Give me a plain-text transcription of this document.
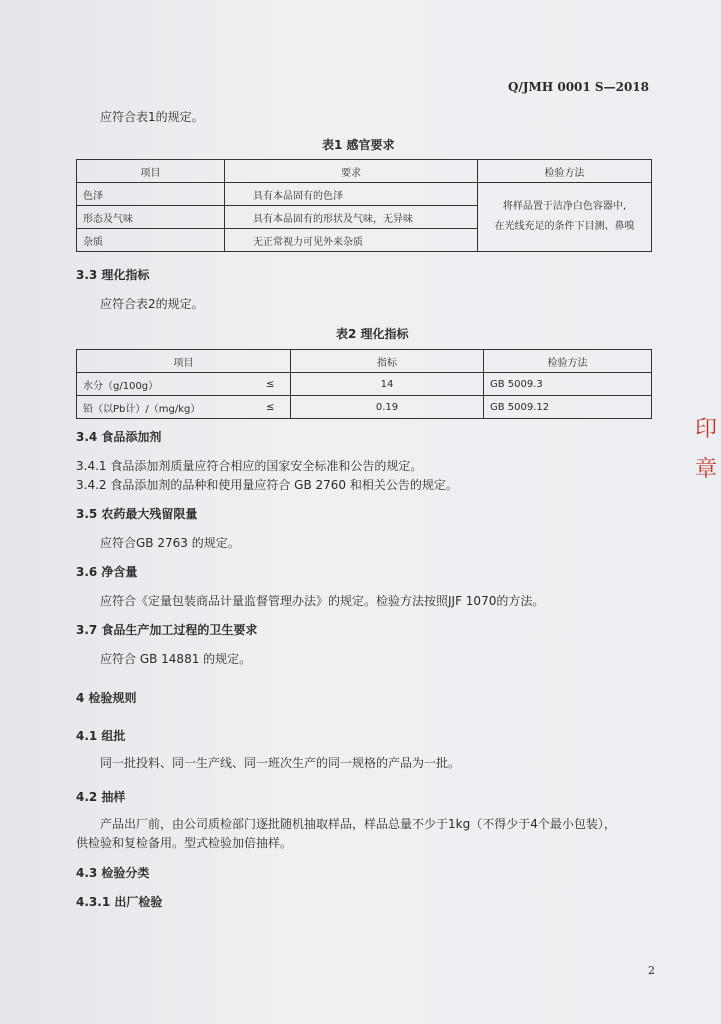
Q/JMH 0001 S—2018
应符合表1的规定。
表1 感官要求
项目	要求	检验方法
色泽	具有本品固有的色泽	将样品置于洁净白色容器中,
在光线充足的条件下目测、鼻嗅

形态及气味	具有本品固有的形状及气味，无异味	
杂质	无正常视力可见外来杂质	
3.3 理化指标
应符合表2的规定。
表2 理化指标
项目		指标	检验方法
水分（g/100g）	≤	14	GB 5009.3
铅（以Pb计）/（mg/kg）	≤	0.19	GB 5009.12
3.4 食品添加剂
3.4.1 食品添加剂质量应符合相应的国家安全标准和公告的规定。
3.4.2 食品添加剂的品种和使用量应符合 GB 2760 和相关公告的规定。
3.5 农药最大残留限量
应符合GB 2763 的规定。
3.6 净含量
应符合《定量包装商品计量监督管理办法》的规定。检验方法按照JJF 1070的方法。
3.7 食品生产加工过程的卫生要求
应符合 GB 14881 的规定。
4 检验规则
4.1 组批
同一批投料、同一生产线、同一班次生产的同一规格的产品为一批。
4.2 抽样
产品出厂前，由公司质检部门逐批随机抽取样品，样品总量不少于1kg（不得少于4个最小包装），
供检验和复检备用。型式检验加倍抽样。
4.3 检验分类
4.3.1 出厂检验
印
章
2
